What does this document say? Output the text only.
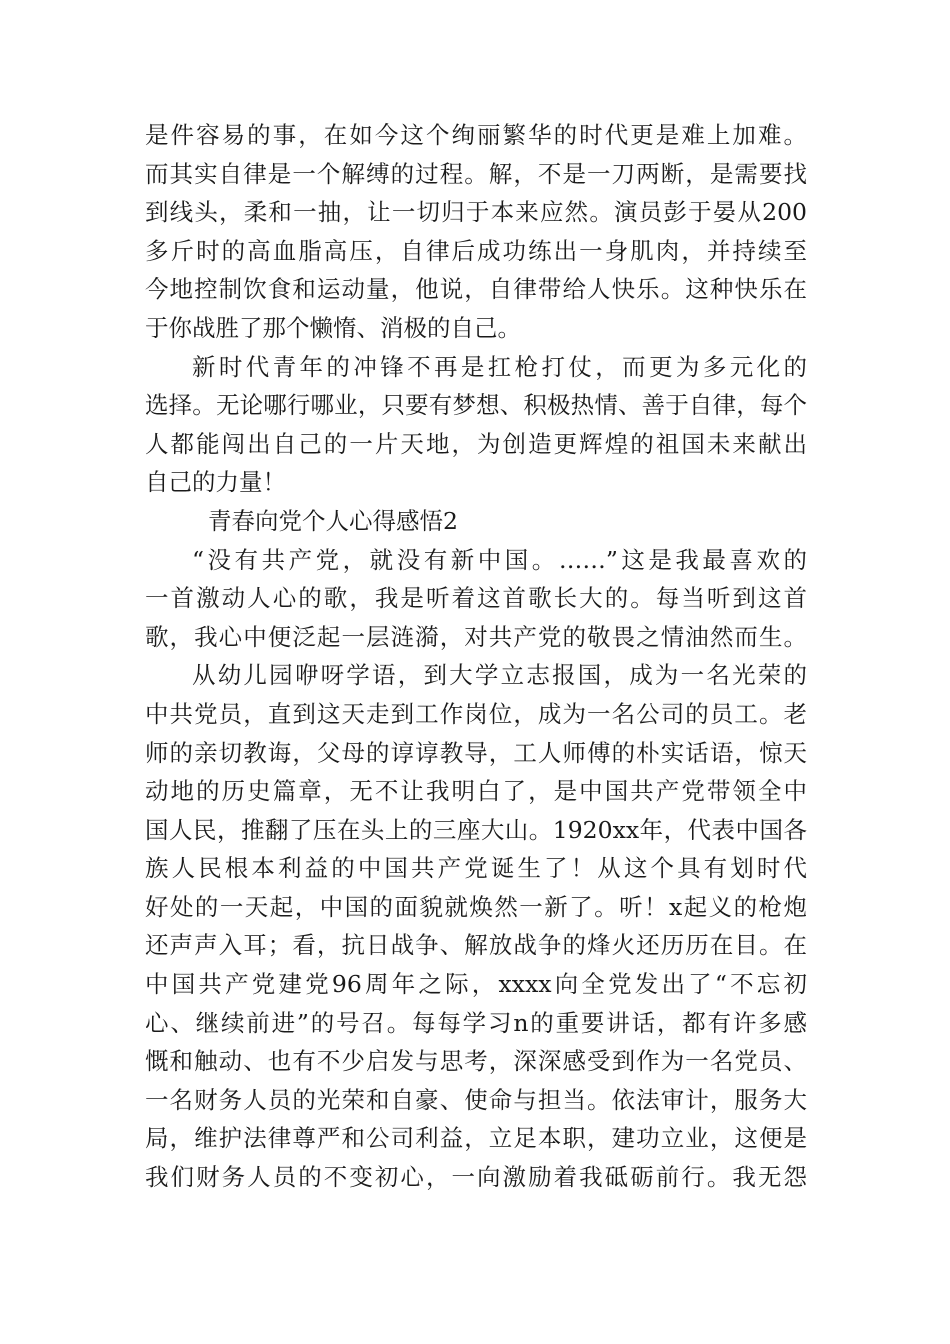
是件容易的事，在如今这个绚丽繁华的时代更是难上加难。
而其实自律是一个解缚的过程。解，不是一刀两断，是需要找
到线头，柔和一抽，让一切归于本来应然。演员彭于晏从200
多斤时的高血脂高压，自律后成功练出一身肌肉，并持续至
今地控制饮食和运动量，他说，自律带给人快乐。这种快乐在
于你战胜了那个懒惰、消极的自己。
新时代青年的冲锋不再是扛枪打仗，而更为多元化的
选择。无论哪行哪业，只要有梦想、积极热情、善于自律，每个
人都能闯出自己的一片天地，为创造更辉煌的祖国未来献出
自己的力量！
青春向党个人心得感悟2
“没有共产党，就没有新中国。……”这是我最喜欢的
一首激动人心的歌，我是听着这首歌长大的。每当听到这首
歌，我心中便泛起一层涟漪，对共产党的敬畏之情油然而生。
从幼儿园咿呀学语，到大学立志报国，成为一名光荣的
中共党员，直到这天走到工作岗位，成为一名公司的员工。老
师的亲切教诲，父母的谆谆教导，工人师傅的朴实话语，惊天
动地的历史篇章，无不让我明白了，是中国共产党带领全中
国人民，推翻了压在头上的三座大山。1920xx年，代表中国各
族人民根本利益的中国共产党诞生了！从这个具有划时代
好处的一天起，中国的面貌就焕然一新了。听！x起义的枪炮
还声声入耳；看，抗日战争、解放战争的烽火还历历在目。在
中国共产党建党96周年之际，xxxx向全党发出了“不忘初
心、继续前进”的号召。每每学习n的重要讲话，都有许多感
慨和触动、也有不少启发与思考，深深感受到作为一名党员、
一名财务人员的光荣和自豪、使命与担当。依法审计，服务大
局，维护法律尊严和公司利益，立足本职，建功立业，这便是
我们财务人员的不变初心，一向激励着我砥砺前行。我无怨
